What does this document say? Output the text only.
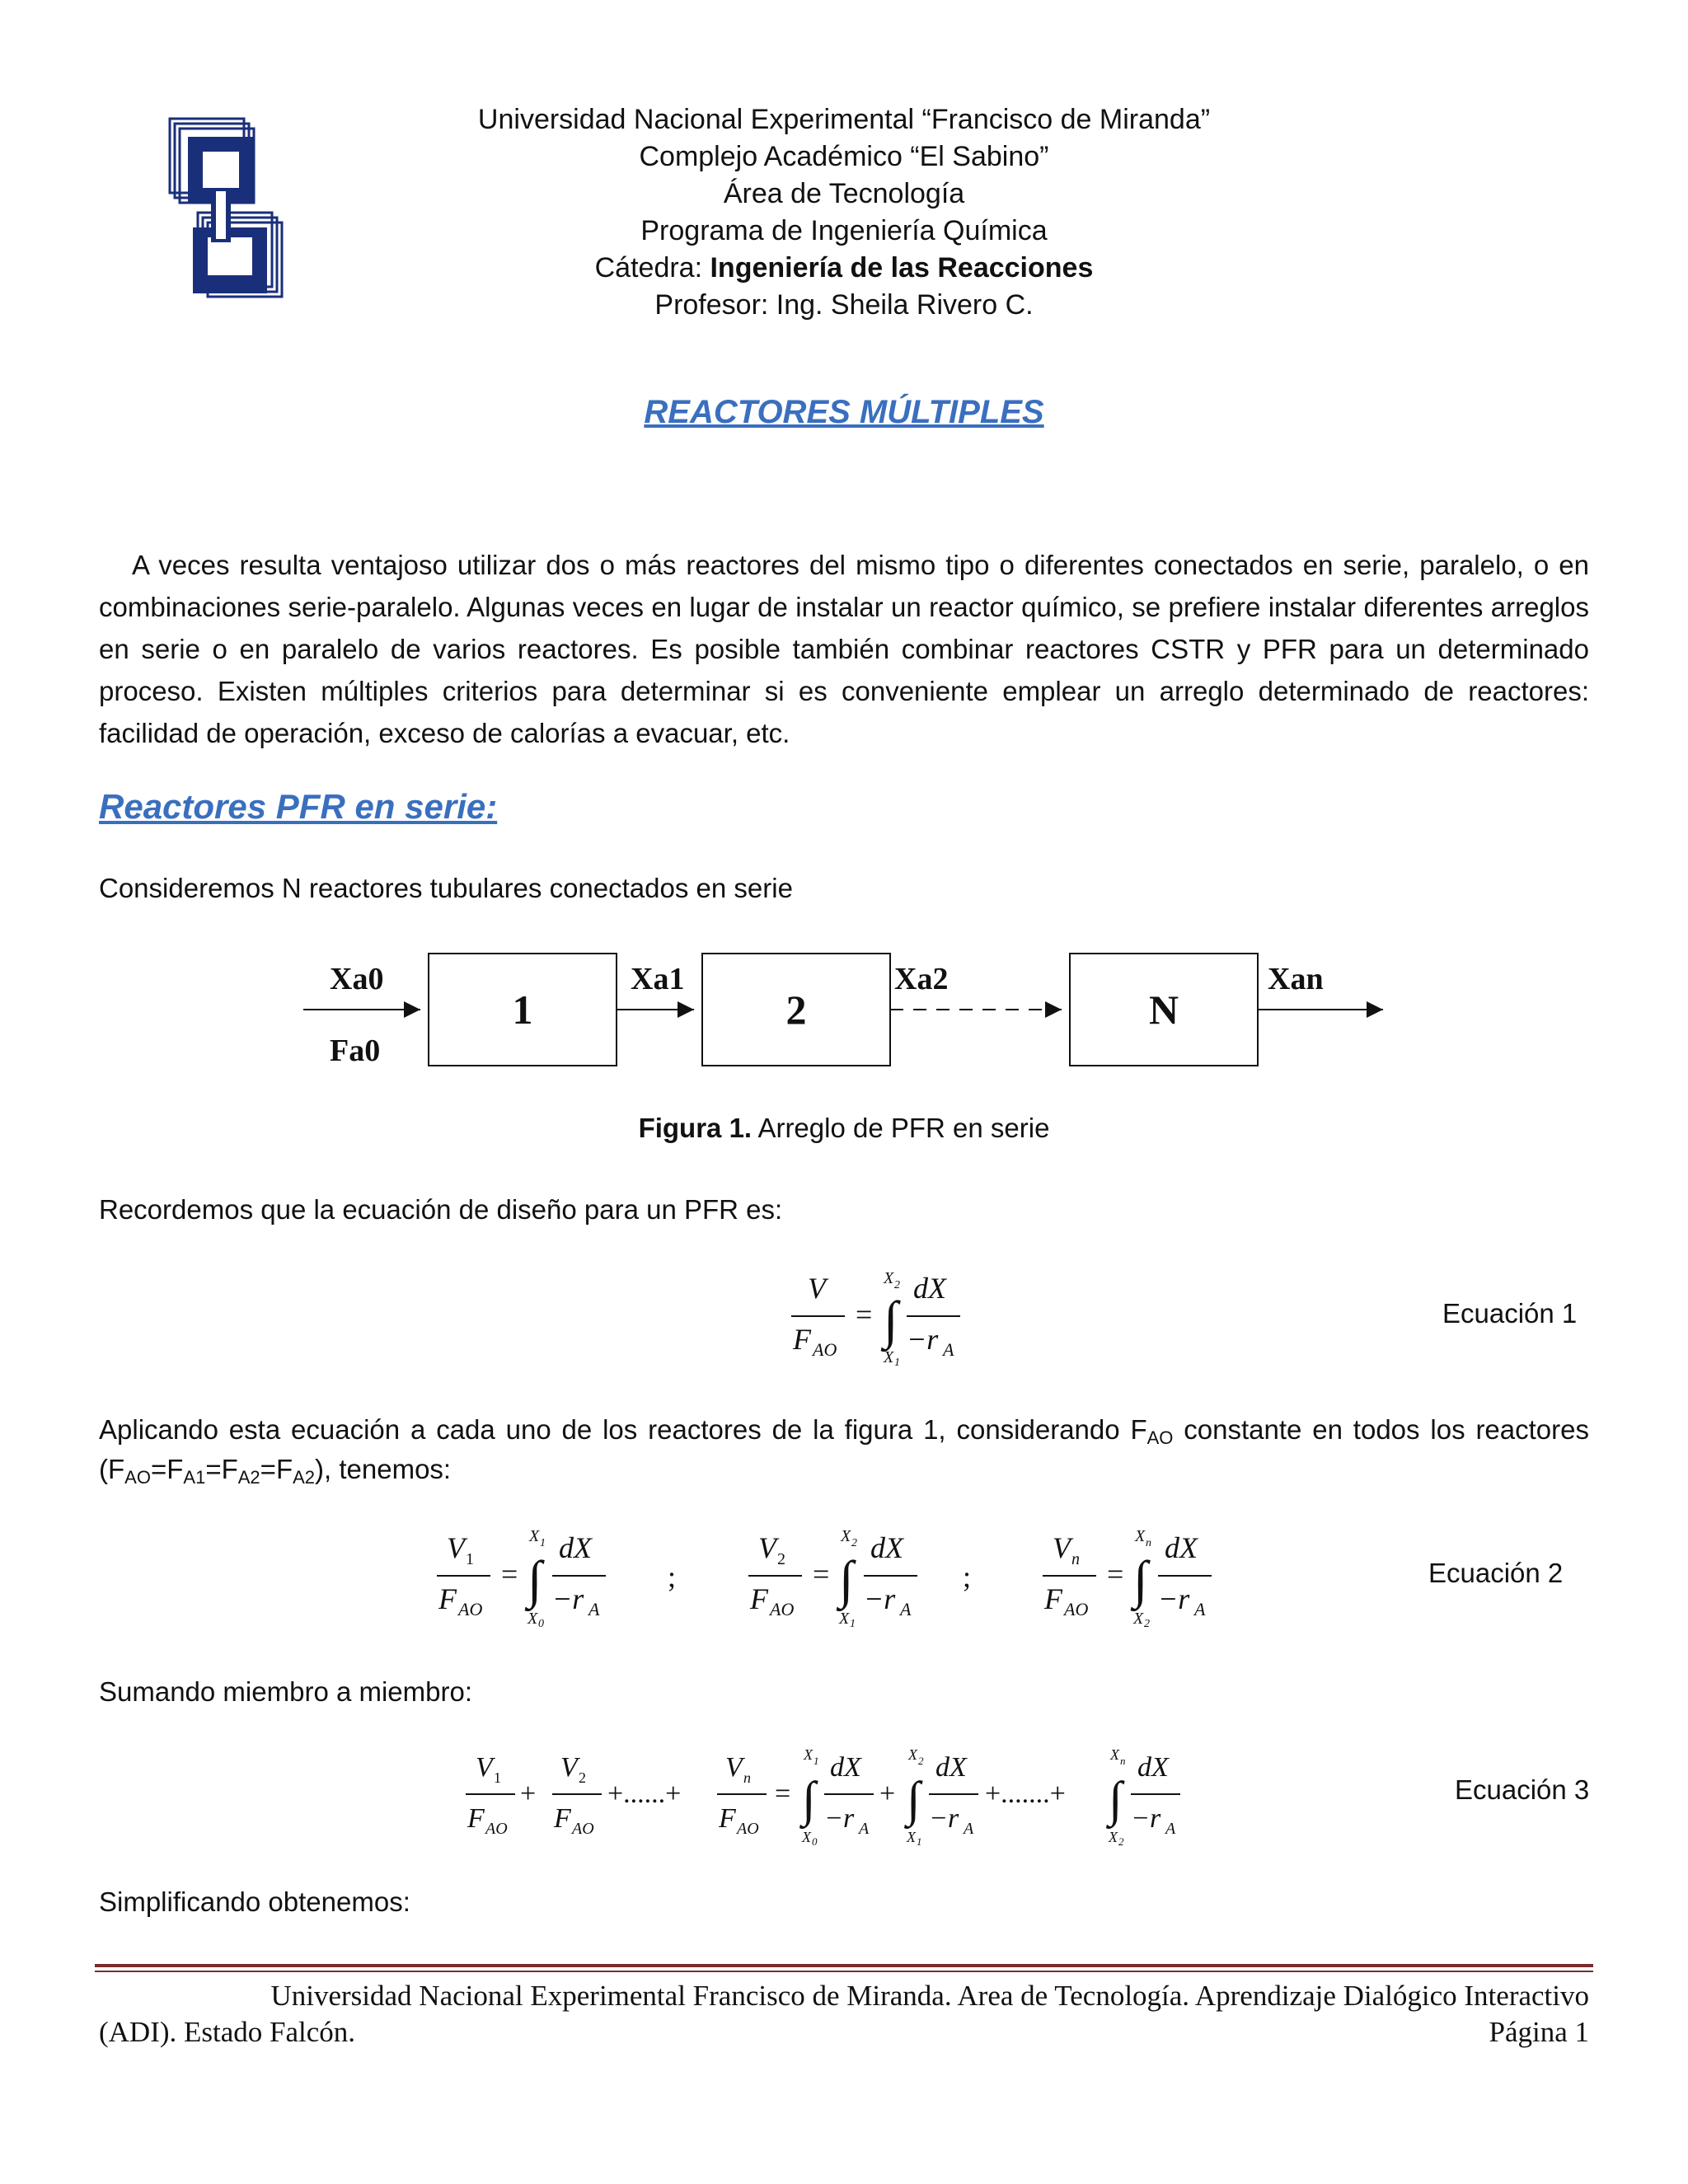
Universidad Nacional Experimental “Francisco de Miranda”
Complejo Académico “El Sabino”
Área de Tecnología
Programa de Ingeniería Química
Cátedra: Ingeniería de las Reacciones
Profesor: Ing. Sheila Rivero C.
REACTORES MÚLTIPLES
A veces resulta ventajoso utilizar dos o más reactores del mismo tipo o diferentes conectados en serie, paralelo, o en combinaciones serie-paralelo. Algunas veces en lugar de instalar un reactor químico, se prefiere instalar diferentes arreglos en serie o en paralelo de varios reactores. Es posible también combinar reactores CSTR y PFR para un determinado proceso. Existen múltiples criterios para determinar si es conveniente emplear un arreglo determinado de reactores: facilidad de operación, exceso de calorías a evacuar, etc.
Reactores PFR en serie:
Consideremos N reactores tubulares conectados en serie
Xa0
Fa0
1
Xa1
2
Xa2
N
Xan
Figura 1. Arreglo de PFR en serie
Recordemos que la ecuación de diseño para un PFR es:
V
F AO
= ∫
X 2
X 1
dX
−r A
Ecuación 1
Aplicando esta ecuación a cada uno de los reactores de la figura 1, considerando $F_{AO}$ constante en todos los reactores
$(F_{AO}=F_{A1}=F_{A2}=F_{A2})$, tenemos:
V 1
F AO
= ∫
X 1
X 0
dX
−r A
;
V 2
F AO
= ∫
X 2
X 1
dX
−r A
;
V n
F AO
= ∫
X n
X 2
dX
−r A
Ecuación 2
Sumando miembro a miembro:
V 1
F AO
+
V 2
F AO
+......+
V n
F AO
= ∫
X 1
X 0
dX
−r A
+ ∫
X 2
X 1
dX
−r A
+.......+ ∫
X n
X 2
dX
−r A
Ecuación 3
Simplificando obtenemos:
Universidad Nacional Experimental Francisco de Miranda. Area de Tecnología. Aprendizaje Dialógico Interactivo
(ADI). Estado Falcón.	Página 1
